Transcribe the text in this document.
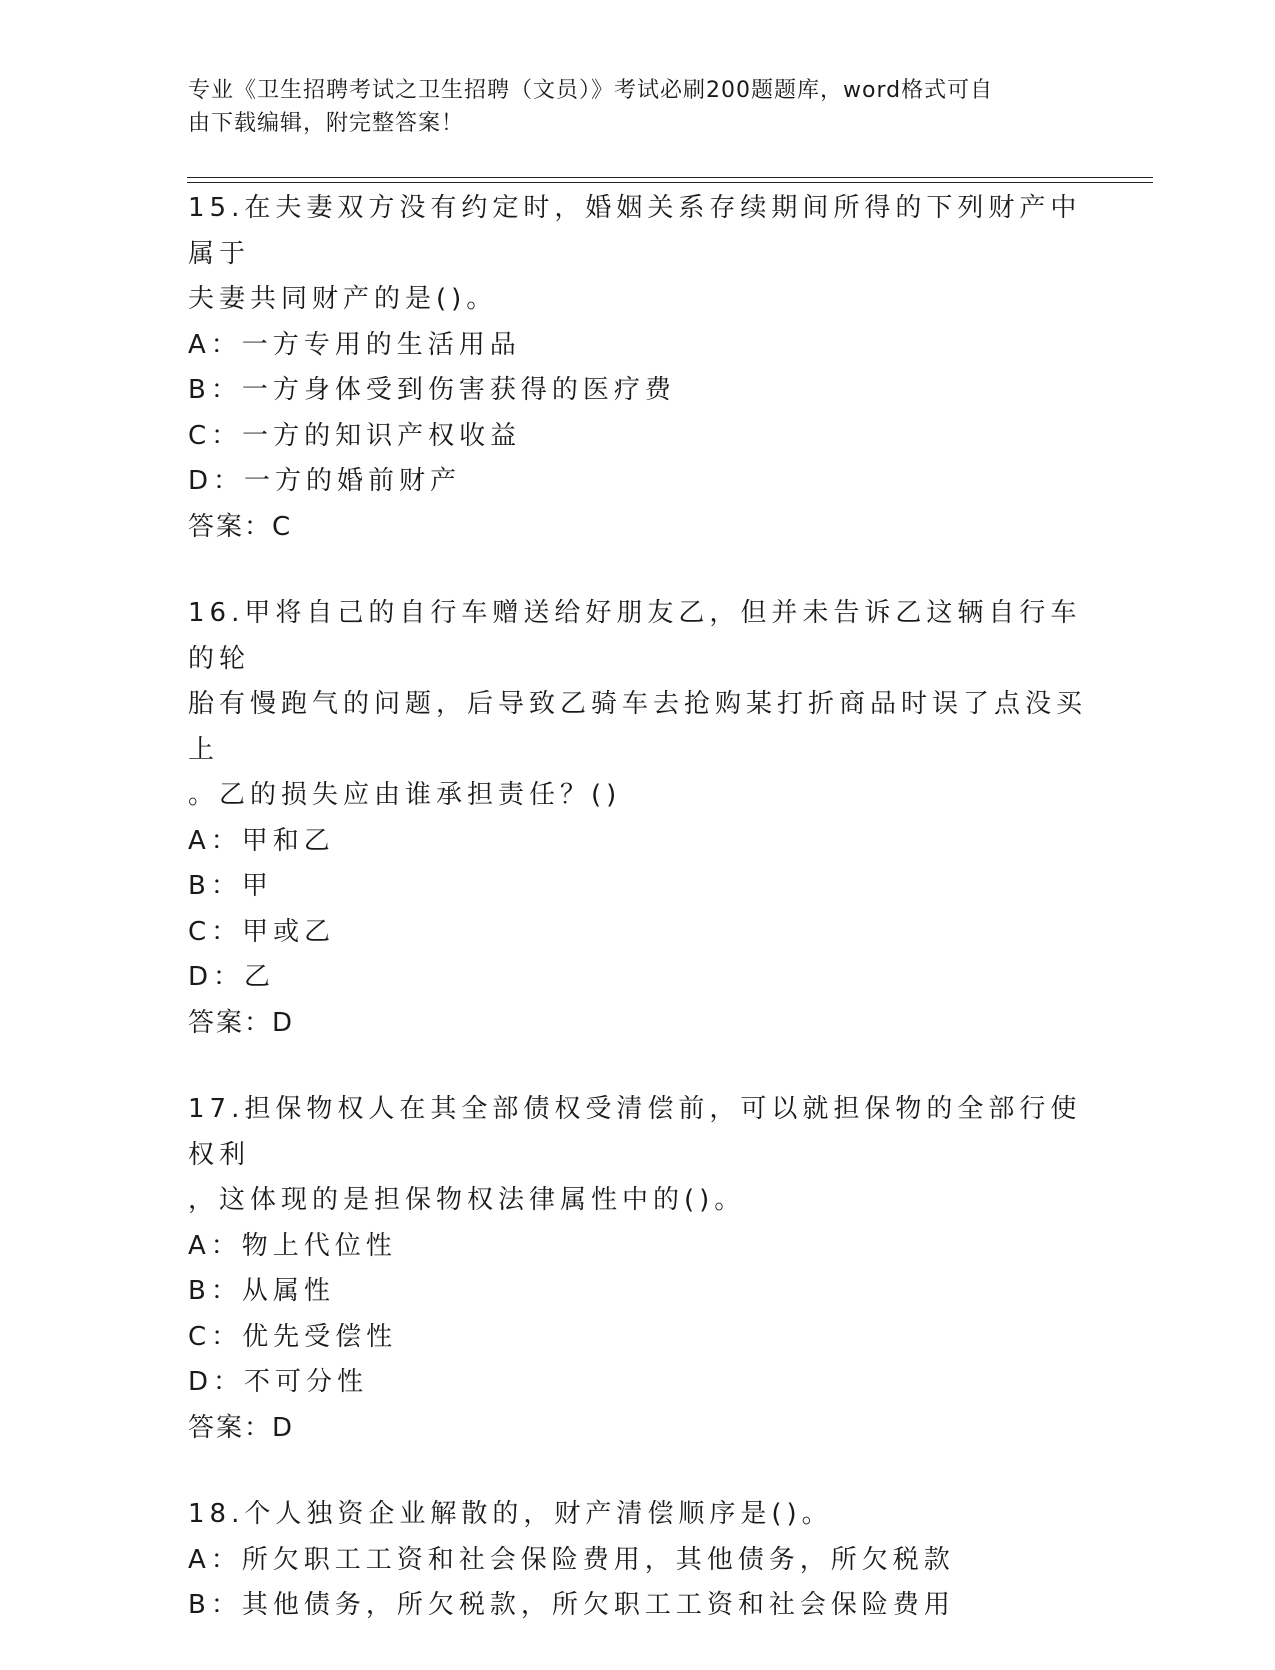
专业《卫生招聘考试之卫生招聘（文员）》考试必刷200题题库，word格式可自
由下载编辑，附完整答案！
15.在夫妻双方没有约定时，婚姻关系存续期间所得的下列财产中属于
夫妻共同财产的是()。
A：一方专用的生活用品
B：一方身体受到伤害获得的医疗费
C：一方的知识产权收益
D：一方的婚前财产
答案：C
16.甲将自己的自行车赠送给好朋友乙，但并未告诉乙这辆自行车的轮
胎有慢跑气的问题，后导致乙骑车去抢购某打折商品时误了点没买上
。乙的损失应由谁承担责任？()
A：甲和乙
B：甲
C：甲或乙
D：乙
答案：D
17.担保物权人在其全部债权受清偿前，可以就担保物的全部行使权利
，这体现的是担保物权法律属性中的()。
A：物上代位性
B：从属性
C：优先受偿性
D：不可分性
答案：D
18.个人独资企业解散的，财产清偿顺序是()。
A：所欠职工工资和社会保险费用，其他债务，所欠税款
B：其他债务，所欠税款，所欠职工工资和社会保险费用
